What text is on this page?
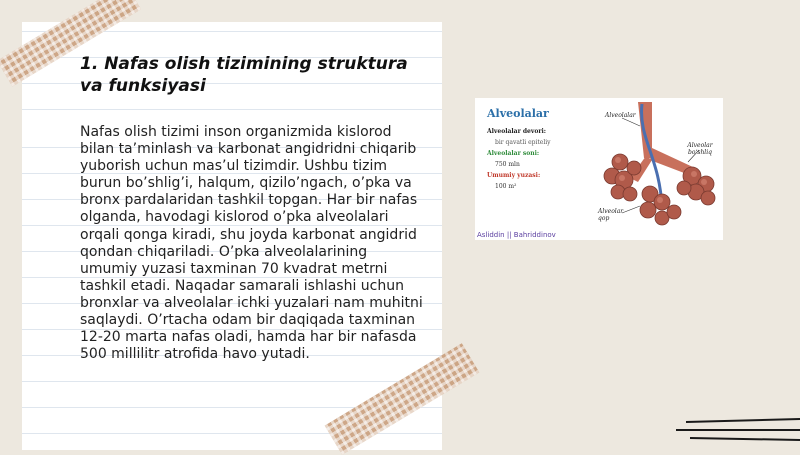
1. Nafas olish tizimining struktura va funksiyasi

Nafas olish tizimi inson organizmida kislorod bilan ta’minlash va karbonat angidridni chiqarib yuborish uchun mas’ul tizimdir. Ushbu tizim burun bo’shlig’i, halqum, qizilo’ngach, o’pka va bronx pardalaridan tashkil topgan. Har bir nafas olganda, havodagi kislorod o’pka alveolalari orqali qonga kiradi, shu joyda karbonat angidrid qondan chiqariladi. O’pka alveolalarining umumiy yuzasi taxminan 70 kvadrat metrni tashkil etadi. Naqadar samarali ishlashi uchun bronxlar va alveolalar ichki yuzalari nam muhitni saqlaydi. O’rtacha odam bir daqiqada taxminan 12-20 marta nafas oladi, hamda har bir nafasda 500 millilitr atrofida havo yutadi.

Alveolalar
Alveolalar devori:
bir qavatli epiteliy
Alveolalar soni:
750 mln
Umumiy yuzasi:
100 m²
Alveolalar
Alveolar bo‘shliq
Alveolar qop
Asliddin || Bahriddinov
